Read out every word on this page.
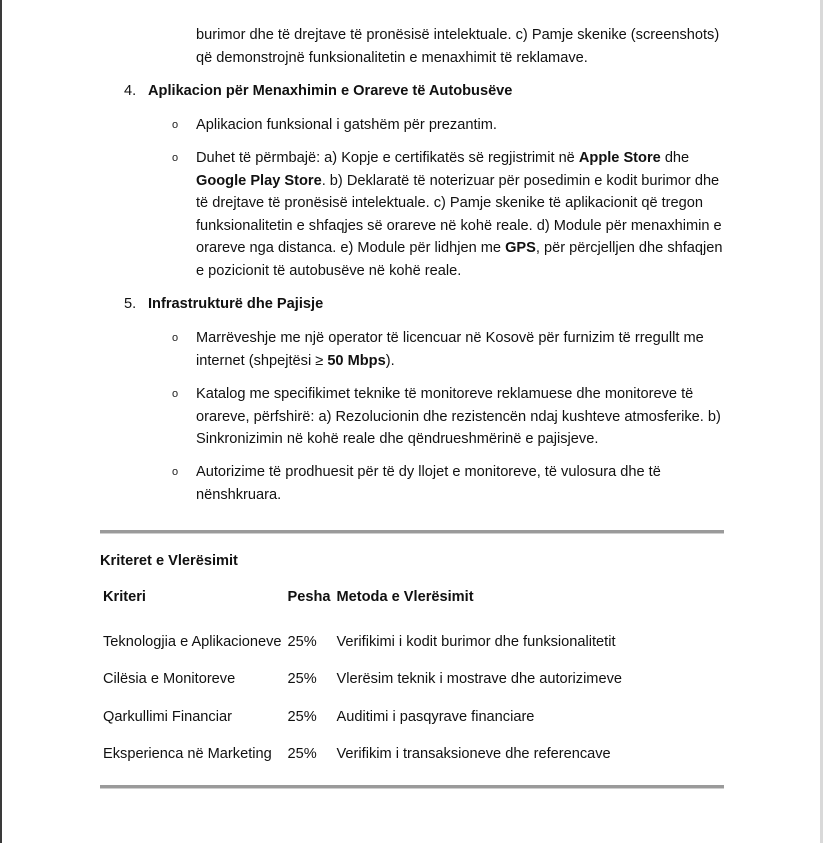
burimor dhe të drejtave të pronësisë intelektuale. c) Pamje skenike (screenshots)
që demonstrojnë funksionalitetin e menaxhimit të reklamave.
4. Aplikacion për Menaxhimin e Orareve të Autobusëve
o Aplikacion funksional i gatshëm për prezantim.
o Duhet të përmbajë: a) Kopje e certifikatës së regjistrimit në Apple Store dhe Google Play Store. b) Deklaratë të noterizuar për posedimin e kodit burimor dhe të drejtave të pronësisë intelektuale. c) Pamje skenike të aplikacionit që tregon funksionalitetin e shfaqjes së orareve në kohë reale. d) Module për menaxhimin e orareve nga distanca. e) Module për lidhjen me GPS, për përcjelljen dhe shfaqjen e pozicionit të autobusëve në kohë reale.
5. Infrastrukturë dhe Pajisje
o Marrëveshje me një operator të licencuar në Kosovë për furnizim të rregullt me internet (shpejtësi ≥ 50 Mbps).
o Katalog me specifikimet teknike të monitoreve reklamuese dhe monitoreve të orareve, përfshirë: a) Rezolucionin dhe rezistencën ndaj kushteve atmosferike. b) Sinkronizimin në kohë reale dhe qëndrueshmërinë e pajisjeve.
o Autorizime të prodhuesit për të dy llojet e monitoreve, të vulosura dhe të nënshkruara.
Kriteret e Vlerësimit
Kriteri	Pesha	Metoda e Vlerësimit

Teknologjia e Aplikacioneve	25%	Verifikimi i kodit burimor dhe funksionalitetit
Cilësia e Monitoreve	25%	Vlerësim teknik i mostrave dhe autorizimeve
Qarkullimi Financiar	25%	Auditimi i pasqyrave financiare
Eksperienca në Marketing	25%	Verifikim i transaksioneve dhe referencave
